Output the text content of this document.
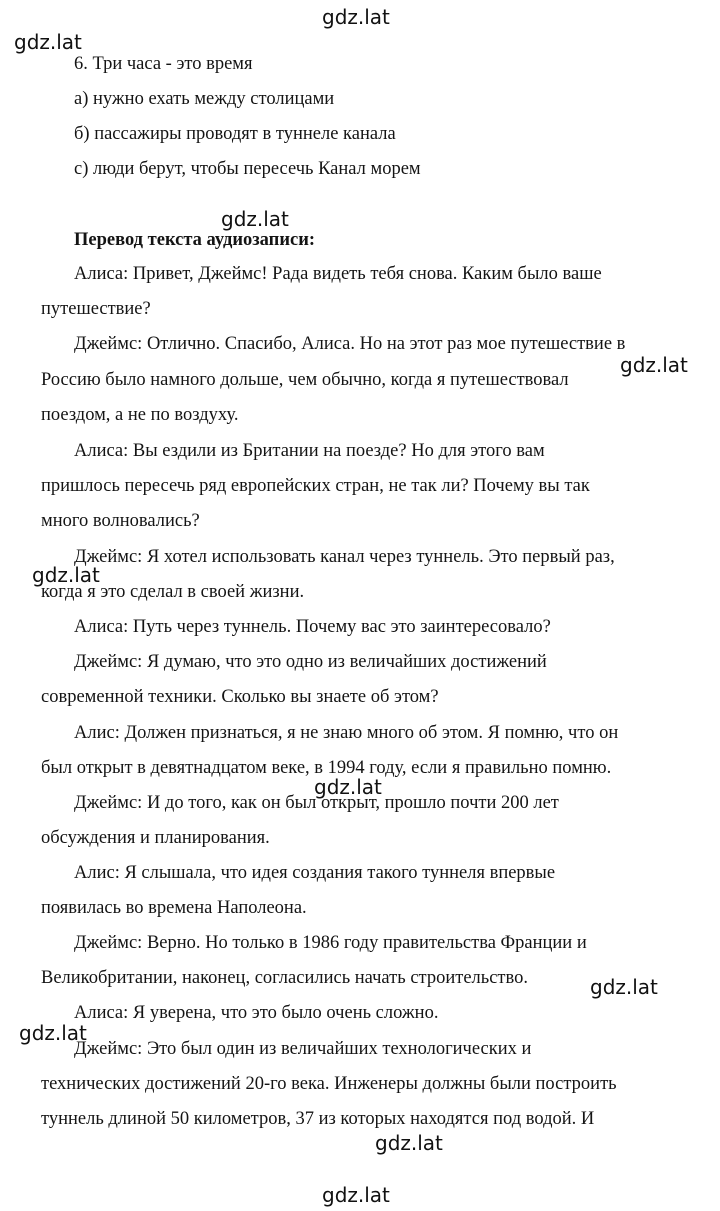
6. Три часа - это время
а) нужно ехать между столицами
б) пассажиры проводят в туннеле канала
с) люди берут, чтобы пересечь Канал морем
Перевод текста аудиозаписи:
Алиса: Привет, Джеймс! Рада видеть тебя снова. Каким было ваше
путешествие?
Джеймс: Отлично. Спасибо, Алиса. Но на этот раз мое путешествие в
Россию было намного дольше, чем обычно, когда я путешествовал
поездом, а не по воздуху.
Алиса: Вы ездили из Британии на поезде? Но для этого вам
пришлось пересечь ряд европейских стран, не так ли? Почему вы так
много волновались?
Джеймс: Я хотел использовать канал через туннель. Это первый раз,
когда я это сделал в своей жизни.
Алиса: Путь через туннель. Почему вас это заинтересовало?
Джеймс: Я думаю, что это одно из величайших достижений
современной техники. Сколько вы знаете об этом?
Алис: Должен признаться, я не знаю много об этом. Я помню, что он
был открыт в девятнадцатом веке, в 1994 году, если я правильно помню.
Джеймс: И до того, как он был открыт, прошло почти 200 лет
обсуждения и планирования.
Алис: Я слышала, что идея создания такого туннеля впервые
появилась во времена Наполеона.
Джеймс: Верно. Но только в 1986 году правительства Франции и
Великобритании, наконец, согласились начать строительство.
Алиса: Я уверена, что это было очень сложно.
Джеймс: Это был один из величайших технологических и
технических достижений 20-го века. Инженеры должны были построить
туннель длиной 50 километров, 37 из которых находятся под водой. И
gdz.lat
gdz.lat
gdz.lat
gdz.lat
gdz.lat
gdz.lat
gdz.lat
gdz.lat
gdz.lat
gdz.lat
